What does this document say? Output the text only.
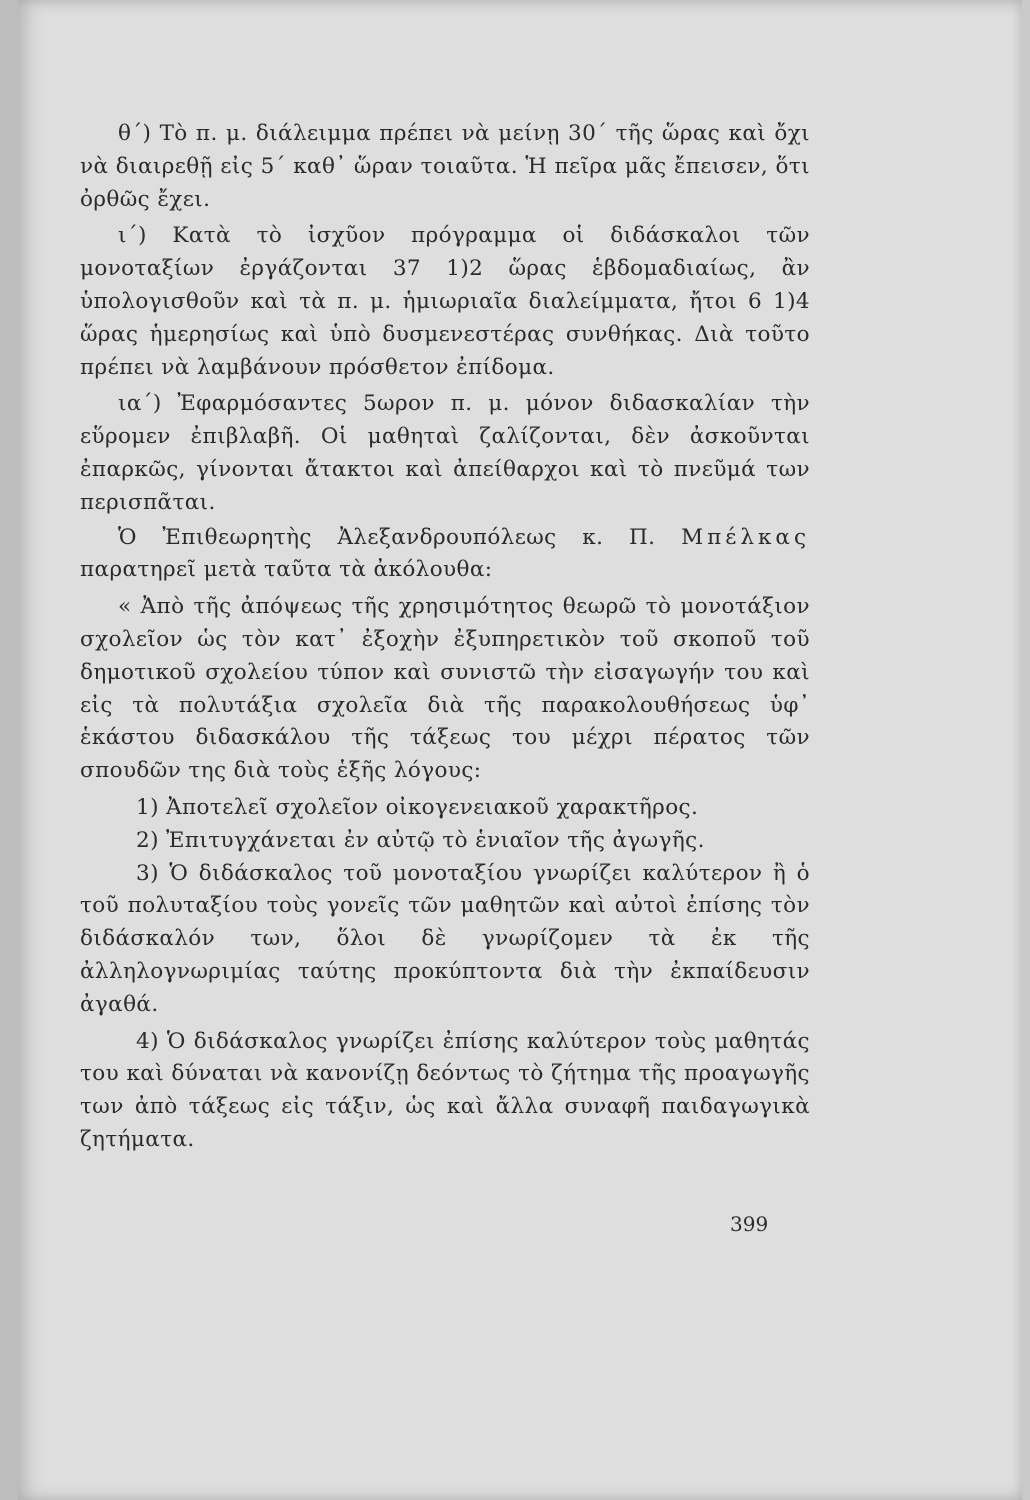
θ΄) Τὸ π. μ. διάλειμμα πρέπει νὰ μείνῃ 30΄ τῆς ὥρας καὶ ὄχι νὰ διαιρεθῇ εἰς 5΄ καθ᾽ ὥραν τοιαῦτα. Ἡ πεῖρα μᾶς ἔπεισεν, ὅτι ὀρθῶς ἔχει.

ι΄) Κατὰ τὸ ἰσχῦον πρόγραμμα οἱ διδάσκαλοι τῶν μονοταξίων ἐργάζονται 37 1)2 ὥρας ἑβδομαδιαίως, ἂν ὑπολογισθοῦν καὶ τὰ π. μ. ἡμιωριαῖα διαλείμματα, ἤτοι 6 1)4 ὥρας ἡμερησίως καὶ ὑπὸ δυσμενεστέρας συνθήκας. Διὰ τοῦτο πρέπει νὰ λαμβάνουν πρόσθετον ἐπίδομα.

ια΄) Ἐφαρμόσαντες 5ωρον π. μ. μόνον διδασκαλίαν τὴν εὕρομεν ἐπιβλαβῆ. Οἱ μαθηταὶ ζαλίζονται, δὲν ἀσκοῦνται ἐπαρκῶς, γίνονται ἄτακτοι καὶ ἀπείθαρχοι καὶ τὸ πνεῦμά των περισπᾶται.

Ὁ Ἐπιθεωρητὴς Ἀλεξανδρουπόλεως κ. Π. Μπέλκας παρατηρεῖ μετὰ ταῦτα τὰ ἀκόλουθα:

« Ἀπὸ τῆς ἀπόψεως τῆς χρησιμότητος θεωρῶ τὸ μονοτάξιον σχολεῖον ὡς τὸν κατ᾽ ἐξοχὴν ἐξυπηρετικὸν τοῦ σκοποῦ τοῦ δημοτικοῦ σχολείου τύπον καὶ συνιστῶ τὴν εἰσαγωγήν του καὶ εἰς τὰ πολυτάξια σχολεῖα διὰ τῆς παρακολουθήσεως ὑφ᾽ ἑκάστου διδασκάλου τῆς τάξεως του μέχρι πέρατος τῶν σπουδῶν της διὰ τοὺς ἑξῆς λόγους:

1) Ἀποτελεῖ σχολεῖον οἰκογενειακοῦ χαρακτῆρος.

2) Ἐπιτυγχάνεται ἐν αὐτῷ τὸ ἑνιαῖον τῆς ἀγωγῆς.

3) Ὁ διδάσκαλος τοῦ μονοταξίου γνωρίζει καλύτερον ἢ ὁ τοῦ πολυταξίου τοὺς γονεῖς τῶν μαθητῶν καὶ αὐτοὶ ἐπίσης τὸν διδάσκαλόν των, ὅλοι δὲ γνωρίζομεν τὰ ἐκ τῆς ἀλληλογνωριμίας ταύτης προκύπτοντα διὰ τὴν ἐκπαίδευσιν ἀγαθά.

4) Ὁ διδάσκαλος γνωρίζει ἐπίσης καλύτερον τοὺς μαθητάς του καὶ δύναται νὰ κανονίζῃ δεόντως τὸ ζήτημα τῆς προαγωγῆς των ἀπὸ τάξεως εἰς τάξιν, ὡς καὶ ἄλλα συναφῆ παιδαγωγικὰ ζητήματα.

399
